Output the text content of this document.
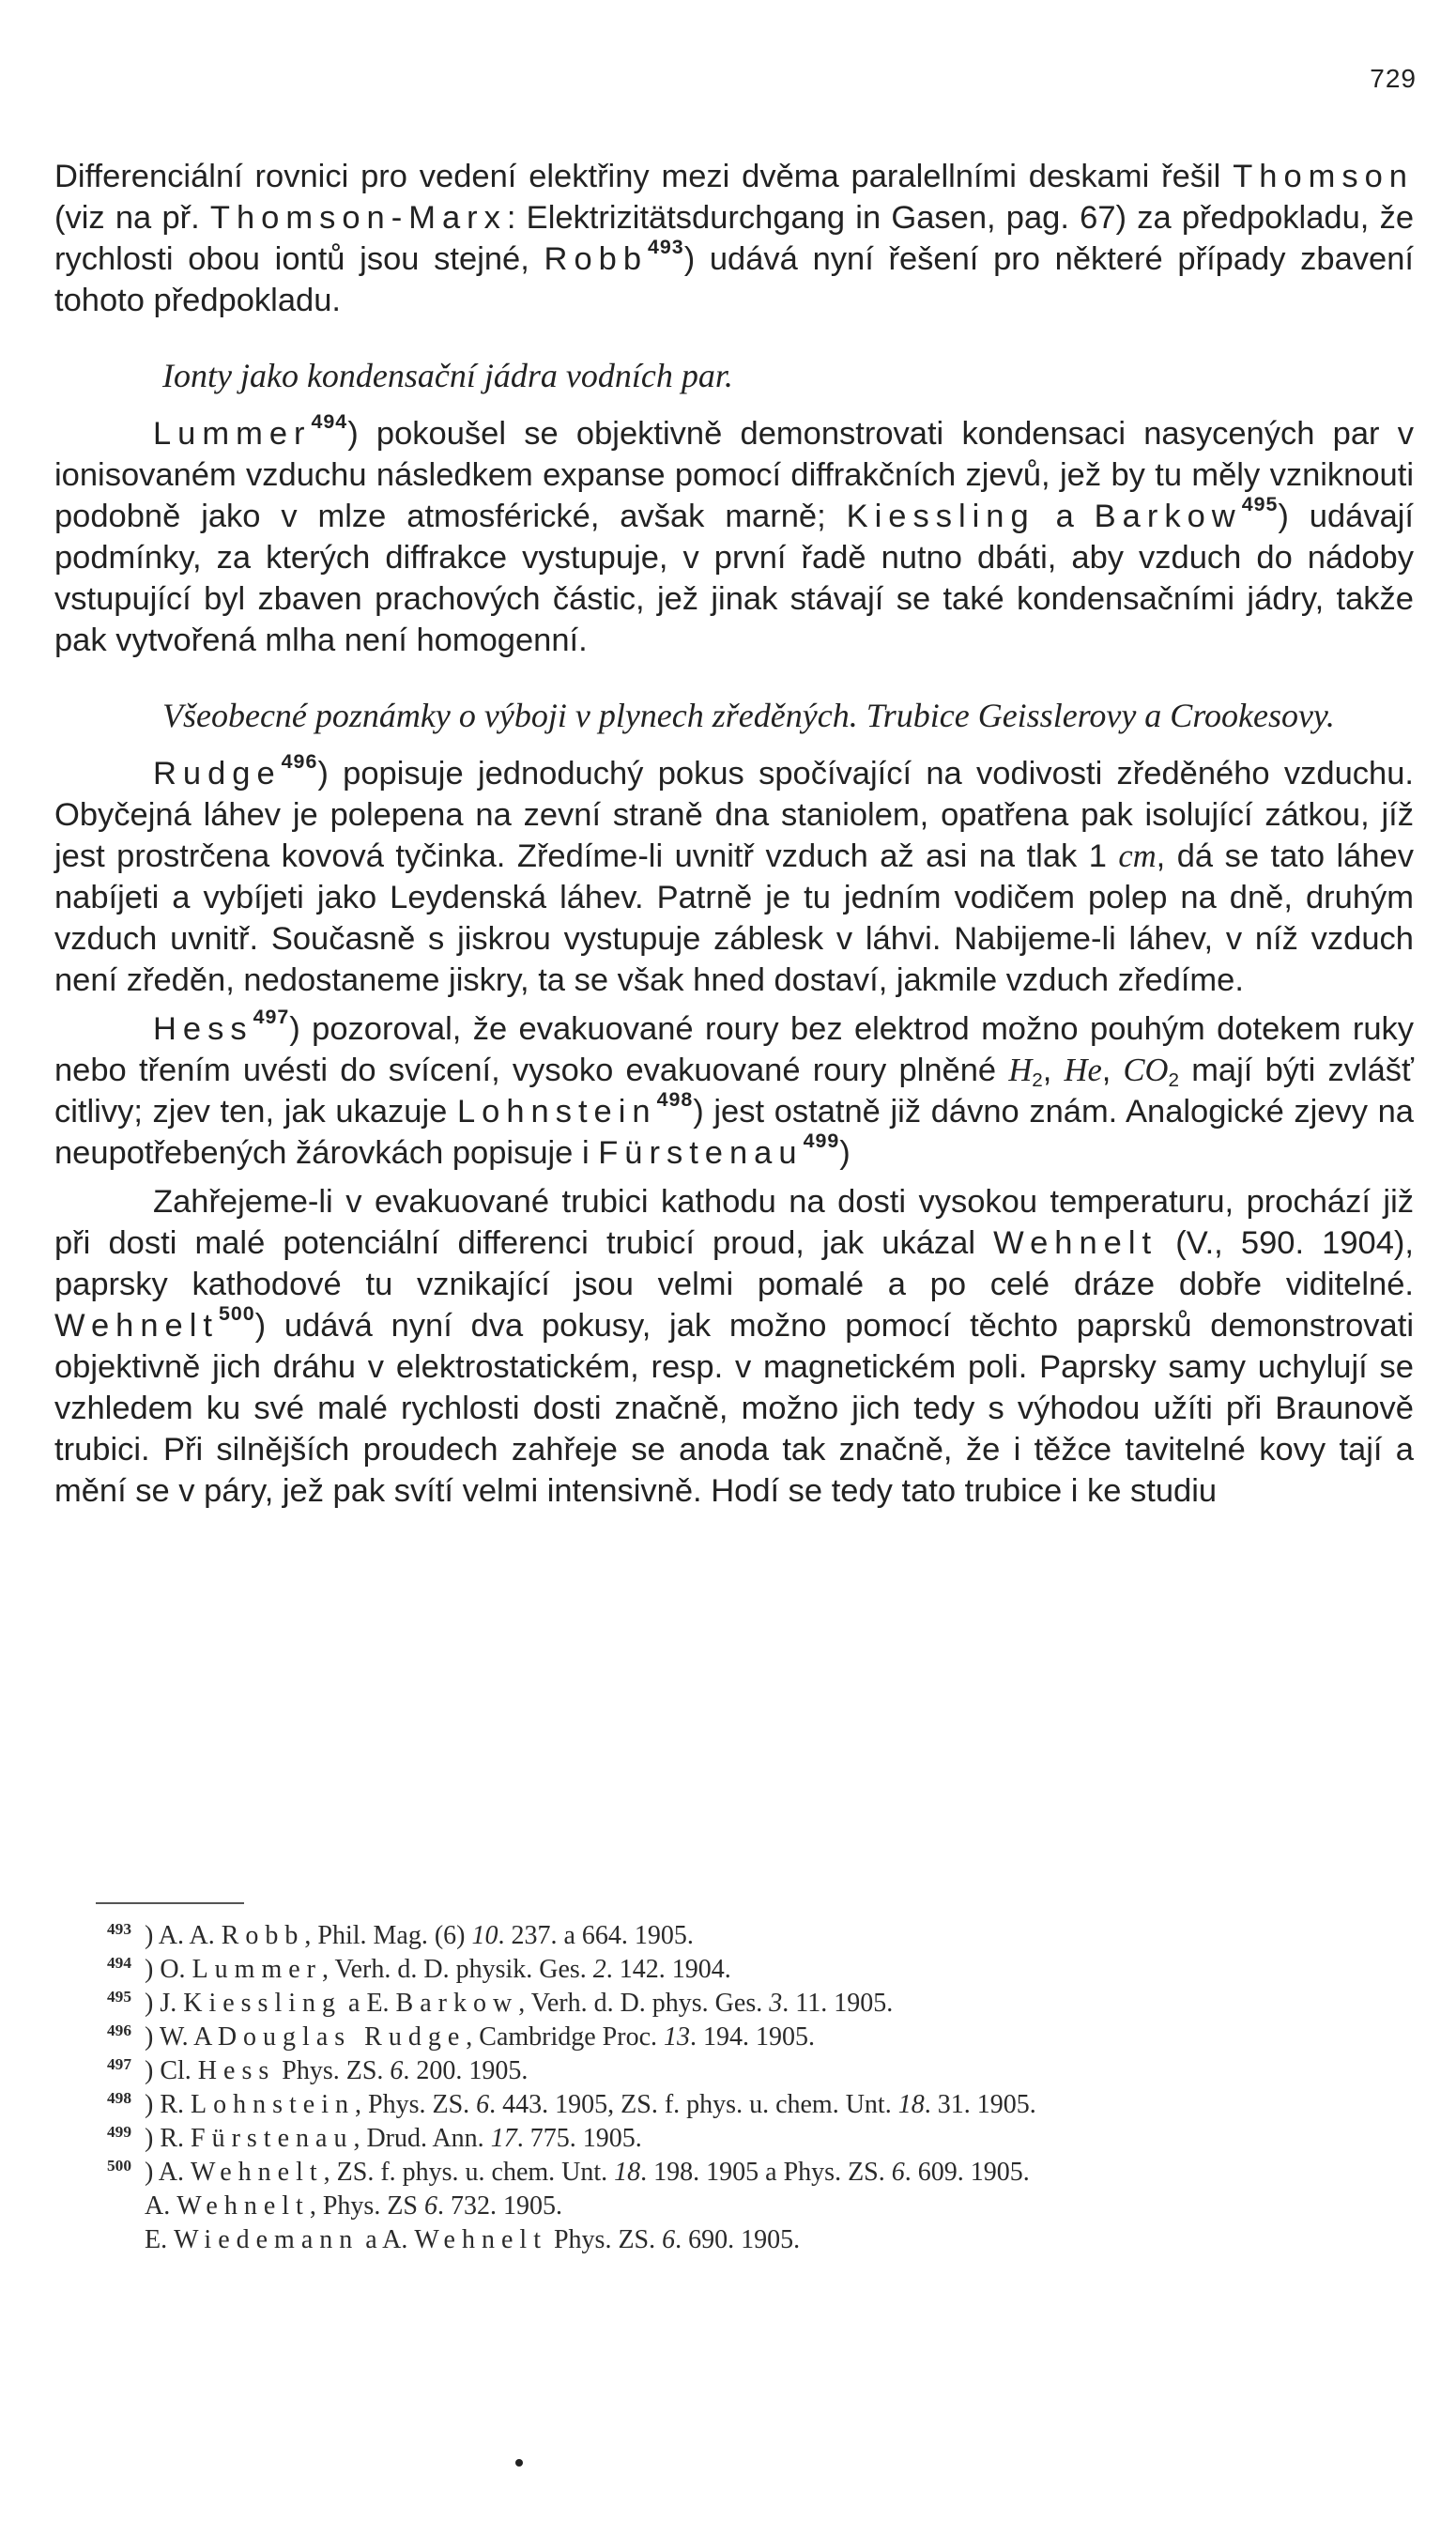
729

Differenciální rovnici pro vedení elektřiny mezi dvěma paralellními deskami řešil Thomson (viz na př. Thomson-Marx: Elektrizitätsdurchgang in Gasen, pag. 67) za předpokladu, že rychlosti obou iontů jsou stejné, Robb$^{493}$) udává nyní řešení pro některé případy zbavení tohoto předpokladu.

Ionty jako kondensační jádra vodních par.

Lummer$^{494}$) pokoušel se objektivně demonstrovati kondensaci nasycených par v ionisovaném vzduchu následkem expanse pomocí diffrakčních zjevů, jež by tu měly vzniknouti podobně jako v mlze atmosférické, avšak marně; Kiessling a Barkow$^{495}$) udávají podmínky, za kterých diffrakce vystupuje, v první řadě nutno dbáti, aby vzduch do nádoby vstupující byl zbaven prachových částic, jež jinak stávají se také kondensačními jádry, takže pak vytvořená mlha není homogenní.

Všeobecné poznámky o výboji v plynech zředěných. Trubice Geisslerovy a Crookesovy.

Rudge$^{496}$) popisuje jednoduchý pokus spočívající na vodivosti zředěného vzduchu. Obyčejná láhev je polepena na zevní straně dna staniolem, opatřena pak isolující zátkou, jíž jest prostrčena kovová tyčinka. Zředíme-li uvnitř vzduch až asi na tlak 1 cm, dá se tato láhev nabíjeti a vybíjeti jako Leydenská láhev. Patrně je tu jedním vodičem polep na dně, druhým vzduch uvnitř. Současně s jiskrou vystupuje záblesk v láhvi. Nabijeme-li láhev, v níž vzduch není zředěn, nedostaneme jiskry, ta se však hned dostaví, jakmile vzduch zředíme.

Hess$^{497}$) pozoroval, že evakuované roury bez elektrod možno pouhým dotekem ruky nebo třením uvésti do svícení, vysoko evakuované roury plněné $H_2$, He, $CO_2$ mají býti zvlášť citlivy; zjev ten, jak ukazuje Lohnstein$^{498}$) jest ostatně již dávno znám. Analogické zjevy na neupotřebených žárovkách popisuje i Fürstenau$^{499}$)

Zahřejeme-li v evakuované trubici kathodu na dosti vysokou temperaturu, prochází již při dosti malé potenciální differenci trubicí proud, jak ukázal Wehnelt (V., 590. 1904), paprsky kathodové tu vznikající jsou velmi pomalé a po celé dráze dobře viditelné. Wehnelt$^{500}$) udává nyní dva pokusy, jak možno pomocí těchto paprsků demonstrovati objektivně jich dráhu v elektrostatickém, resp. v magnetickém poli. Paprsky samy uchylují se vzhledem ku své malé rychlosti dosti značně, možno jich tedy s výhodou užíti při Braunově trubici. Při silnějších proudech zahřeje se anoda tak značně, že i těžce tavitelné kovy tají a mění se v páry, jež pak svítí velmi intensivně. Hodí se tedy tato trubice i ke studiu

493 ) A. A. Robb, Phil. Mag. (6) 10. 237. a 664. 1905.

494 ) O. Lummer, Verh. d. D. physik. Ges. 2. 142. 1904.

495 ) J. Kiessling a E. Barkow, Verh. d. D. phys. Ges. 3. 11. 1905.

496 ) W. A Douglas Rudge, Cambridge Proc. 13. 194. 1905.

497 ) Cl. Hess Phys. ZS. 6. 200. 1905.

498 ) R. Lohnstein, Phys. ZS. 6. 443. 1905, ZS. f. phys. u. chem. Unt. 18. 31. 1905.

499 ) R. Fürstenau, Drud. Ann. 17. 775. 1905.

500 ) A. Wehnelt, ZS. f. phys. u. chem. Unt. 18. 198. 1905 a Phys. ZS. 6. 609. 1905.

A. Wehnelt, Phys. ZS 6. 732. 1905.

E. Wiedemann a A. Wehnelt Phys. ZS. 6. 690. 1905.
